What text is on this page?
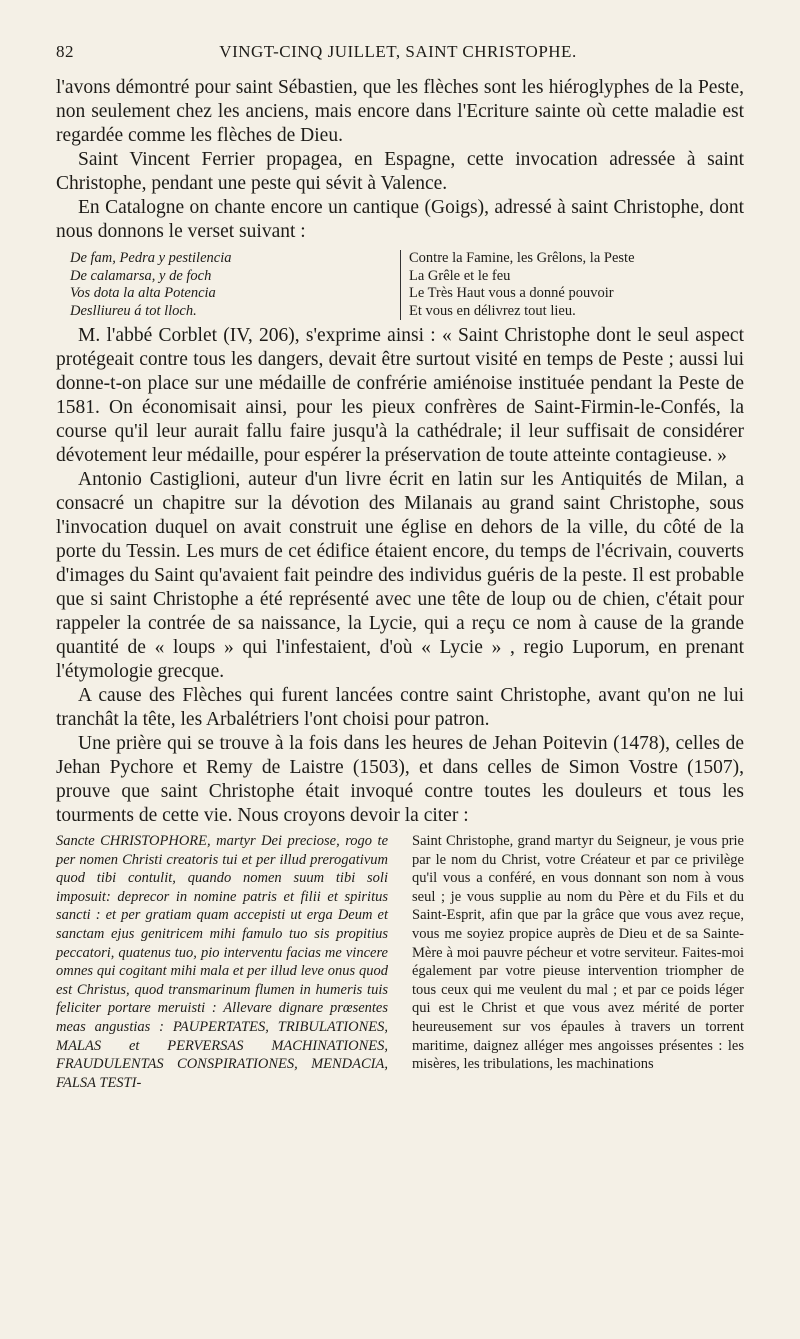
82	VINGT-CINQ JUILLET, SAINT CHRISTOPHE.

l'avons démontré pour saint Sébastien, que les flèches sont les hiéroglyphes de la Peste, non seulement chez les anciens, mais encore dans l'Ecriture sainte où cette maladie est regardée comme les flèches de Dieu.

Saint Vincent Ferrier propagea, en Espagne, cette invocation adressée à saint Christophe, pendant une peste qui sévit à Valence.

En Catalogne on chante encore un cantique (Goigs), adressé à saint Christophe, dont nous donnons le verset suivant :

De fam, Pedra y pestilencia
De calamarsa, y de foch
Vos dota la alta Potencia
Deslliureu á tot lloch.
Contre la Famine, les Grêlons, la Peste
La Grêle et le feu
Le Très Haut vous a donné pouvoir
Et vous en délivrez tout lieu.

M. l'abbé Corblet (IV, 206), s'exprime ainsi : « Saint Christophe dont le seul aspect protégeait contre tous les dangers, devait être surtout visité en temps de Peste ; aussi lui donne-t-on place sur une médaille de confrérie amiénoise instituée pendant la Peste de 1581. On économisait ainsi, pour les pieux confrères de Saint-Firmin-le-Confés, la course qu'il leur aurait fallu faire jusqu'à la cathédrale; il leur suffisait de considérer dévotement leur médaille, pour espérer la préservation de toute atteinte contagieuse. »

Antonio Castiglioni, auteur d'un livre écrit en latin sur les Antiquités de Milan, a consacré un chapitre sur la dévotion des Milanais au grand saint Christophe, sous l'invocation duquel on avait construit une église en dehors de la ville, du côté de la porte du Tessin. Les murs de cet édifice étaient encore, du temps de l'écrivain, couverts d'images du Saint qu'avaient fait peindre des individus guéris de la peste. Il est probable que si saint Christophe a été représenté avec une tête de loup ou de chien, c'était pour rappeler la contrée de sa naissance, la Lycie, qui a reçu ce nom à cause de la grande quantité de « loups » qui l'infestaient, d'où « Lycie » , regio Luporum, en prenant l'étymologie grecque.

A cause des Flèches qui furent lancées contre saint Christophe, avant qu'on ne lui tranchât la tête, les Arbalétriers l'ont choisi pour patron.

Une prière qui se trouve à la fois dans les heures de Jehan Poitevin (1478), celles de Jehan Pychore et Remy de Laistre (1503), et dans celles de Simon Vostre (1507), prouve que saint Christophe était invoqué contre toutes les douleurs et tous les tourments de cette vie. Nous croyons devoir la citer :

Sancte CHRISTOPHORE, martyr Dei preciose, rogo te per nomen Christi creatoris tui et per illud prerogativum quod tibi contulit, quando nomen suum tibi soli imposuit: deprecor in nomine patris et filii et spiritus sancti : et per gratiam quam accepisti ut erga Deum et sanctam ejus genitricem mihi famulo tuo sis propitius peccatori, quatenus tuo, pio interventu facias me vincere omnes qui cogitant mihi mala et per illud leve onus quod est Christus, quod transmarinum flumen in humeris tuis feliciter portare meruisti : Allevare dignare prœsentes meas angustias : PAUPERTATES, TRIBULATIONES, MALAS et PERVERSAS MACHINATIONES, FRAUDULENTAS CONSPIRATIONES, MENDACIA, FALSA TESTI-
Saint Christophe, grand martyr du Seigneur, je vous prie par le nom du Christ, votre Créateur et par ce privilège qu'il vous a conféré, en vous donnant son nom à vous seul ; je vous supplie au nom du Père et du Fils et du Saint-Esprit, afin que par la grâce que vous avez reçue, vous me soyiez propice auprès de Dieu et de sa Sainte-Mère à moi pauvre pécheur et votre serviteur. Faites-moi également par votre pieuse intervention triompher de tous ceux qui me veulent du mal ; et par ce poids léger qui est le Christ et que vous avez mérité de porter heureusement sur vos épaules à travers un torrent maritime, daignez alléger mes angoisses présentes : les misères, les tribulations, les machinations
